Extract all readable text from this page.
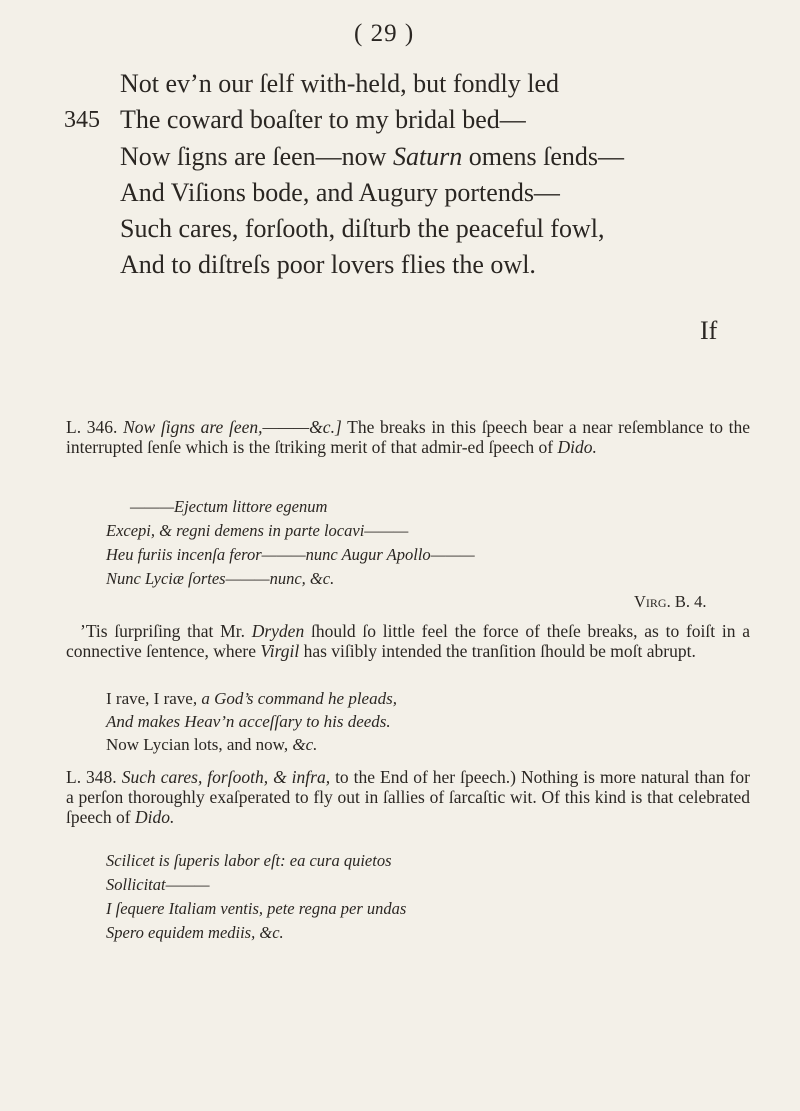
( 29 )
Not ev’n our ſelf with-held, but fondly led
345 The coward boaſter to my bridal bed—
Now ſigns are ſeen—now Saturn omens ſends—
And Viſions bode, and Augury portends—
Such cares, forſooth, diſturb the peaceful fowl,
And to diſtreſs poor lovers flies the owl.
If
L. 346. Now ſigns are ſeen,———&c.] The breaks in this ſpeech bear a near reſemblance to the interrupted ſenſe which is the ſtriking merit of that admir-ed ſpeech of Dido.
———Ejectum littore egenum
Excepi, & regni demens in parte locavi———
Heu furiis incenſa feror———nunc Augur Apollo———
Nunc Lyciæ ſortes———nunc, &c.
Virg. B. 4.
’Tis ſurpriſing that Mr. Dryden ſhould ſo little feel the force of theſe breaks, as to foiſt in a connective ſentence, where Virgil has viſibly intended the tranſition ſhould be moſt abrupt.
I rave, I rave, a God’s command he pleads,
And makes Heav’n acceſſary to his deeds.
Now Lycian lots, and now, &c.
L. 348. Such cares, forſooth, & infra, to the End of her ſpeech.) Nothing is more natural than for a perſon thoroughly exaſperated to fly out in ſallies of ſarcaſtic wit. Of this kind is that celebrated ſpeech of Dido.
Scilicet is ſuperis labor eſt: ea cura quietos
Sollicitat———
I ſequere Italiam ventis, pete regna per undas
Spero equidem mediis, &c.
